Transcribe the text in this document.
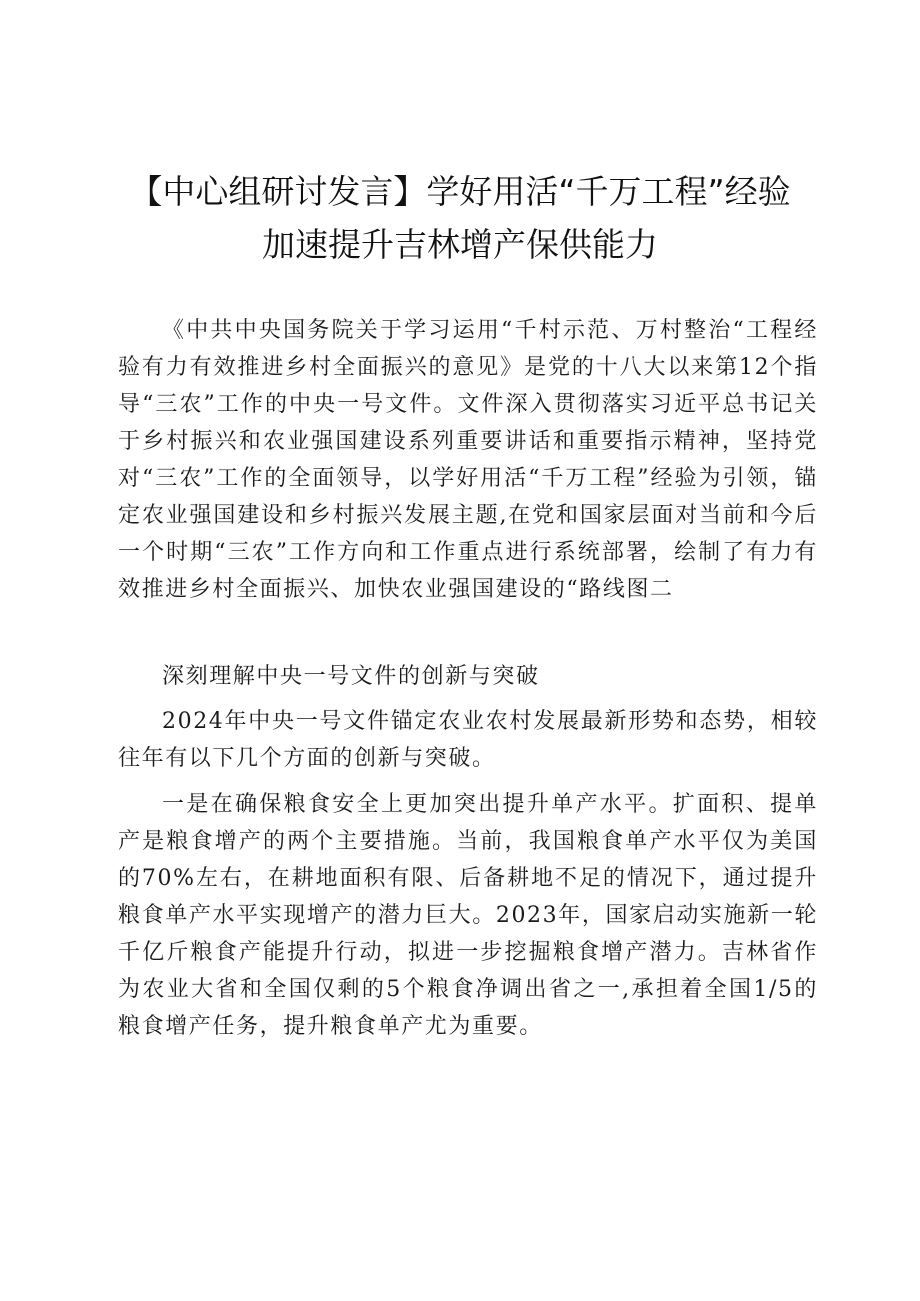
【中心组研讨发言】学好用活“千万工程”经验
加速提升吉林增产保供能力

《中共中央国务院关于学习运用“千村示范、万村整治“工程经验有力有效推进乡村全面振兴的意见》是党的十八大以来第12个指导“三农”工作的中央一号文件。文件深入贯彻落实习近平总书记关于乡村振兴和农业强国建设系列重要讲话和重要指示精神，坚持党对“三农”工作的全面领导，以学好用活“千万工程”经验为引领，锚定农业强国建设和乡村振兴发展主题,在党和国家层面对当前和今后一个时期“三农”工作方向和工作重点进行系统部署，绘制了有力有效推进乡村全面振兴、加快农业强国建设的“路线图二

深刻理解中央一号文件的创新与突破

2024年中央一号文件锚定农业农村发展最新形势和态势，相较往年有以下几个方面的创新与突破。

一是在确保粮食安全上更加突出提升单产水平。扩面积、提单产是粮食增产的两个主要措施。当前，我国粮食单产水平仅为美国的70%左右，在耕地面积有限、后备耕地不足的情况下，通过提升粮食单产水平实现增产的潜力巨大。2023年，国家启动实施新一轮千亿斤粮食产能提升行动，拟进一步挖掘粮食增产潜力。吉林省作为农业大省和全国仅剩的5个粮食净调出省之一,承担着全国1/5的粮食增产任务，提升粮食单产尤为重要。
